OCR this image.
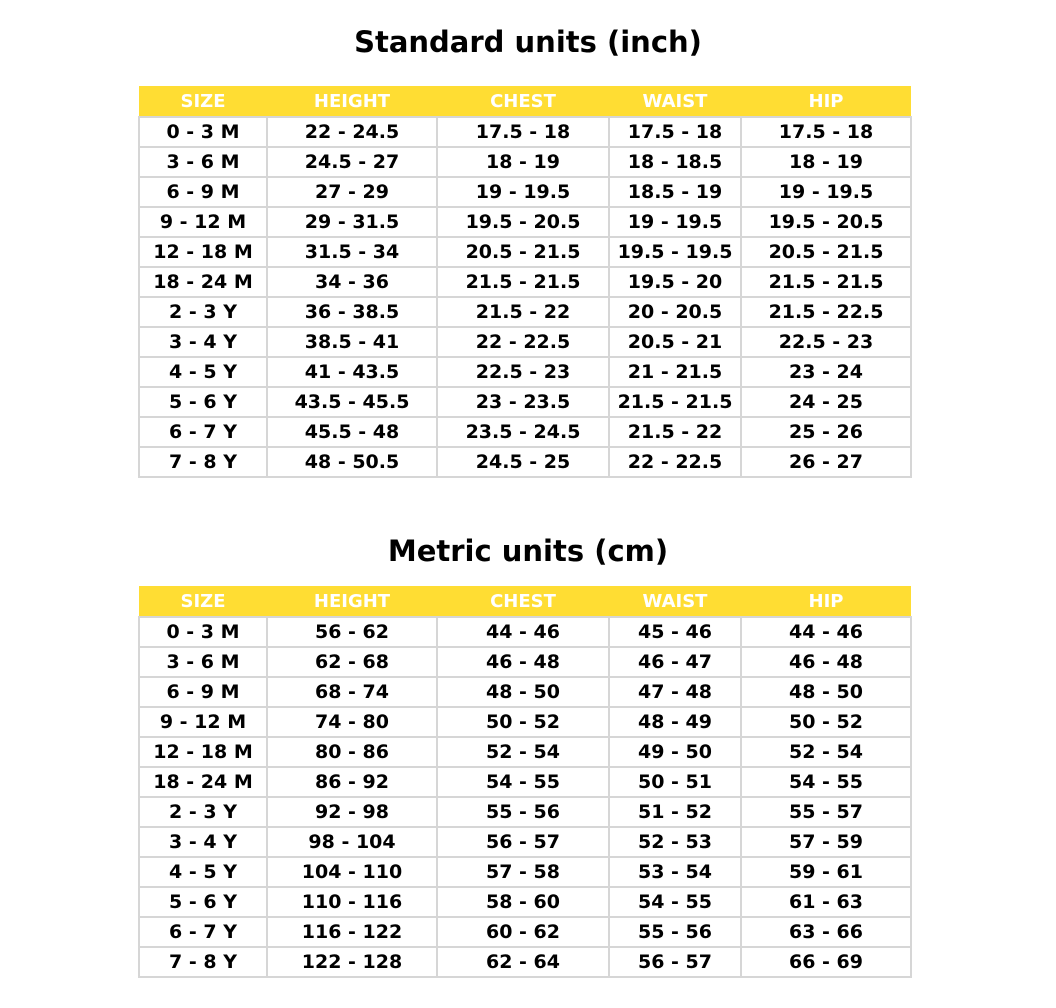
Standard units (inch)
SIZE	HEIGHT	CHEST	WAIST	HIP
0 - 3 M	22 - 24.5	17.5 - 18	17.5 - 18	17.5 - 18
3 - 6 M	24.5 - 27	18 - 19	18 - 18.5	18 - 19
6 - 9 M	27 - 29	19 - 19.5	18.5 - 19	19 - 19.5
9 - 12 M	29 - 31.5	19.5 - 20.5	19 - 19.5	19.5 - 20.5
12 - 18 M	31.5 - 34	20.5 - 21.5	19.5 - 19.5	20.5 - 21.5
18 - 24 M	34 - 36	21.5 - 21.5	19.5 - 20	21.5 - 21.5
2 - 3 Y	36 - 38.5	21.5 - 22	20 - 20.5	21.5 - 22.5
3 - 4 Y	38.5 - 41	22 - 22.5	20.5 - 21	22.5 - 23
4 - 5 Y	41 - 43.5	22.5 - 23	21 - 21.5	23 - 24
5 - 6 Y	43.5 - 45.5	23 - 23.5	21.5 - 21.5	24 - 25
6 - 7 Y	45.5 - 48	23.5 - 24.5	21.5 - 22	25 - 26
7 - 8 Y	48 - 50.5	24.5 - 25	22 - 22.5	26 - 27
Metric units (cm)
SIZE	HEIGHT	CHEST	WAIST	HIP
0 - 3 M	56 - 62	44 - 46	45 - 46	44 - 46
3 - 6 M	62 - 68	46 - 48	46 - 47	46 - 48
6 - 9 M	68 - 74	48 - 50	47 - 48	48 - 50
9 - 12 M	74 - 80	50 - 52	48 - 49	50 - 52
12 - 18 M	80 - 86	52 - 54	49 - 50	52 - 54
18 - 24 M	86 - 92	54 - 55	50 - 51	54 - 55
2 - 3 Y	92 - 98	55 - 56	51 - 52	55 - 57
3 - 4 Y	98 - 104	56 - 57	52 - 53	57 - 59
4 - 5 Y	104 - 110	57 - 58	53 - 54	59 - 61
5 - 6 Y	110 - 116	58 - 60	54 - 55	61 - 63
6 - 7 Y	116 - 122	60 - 62	55 - 56	63 - 66
7 - 8 Y	122 - 128	62 - 64	56 - 57	66 - 69
